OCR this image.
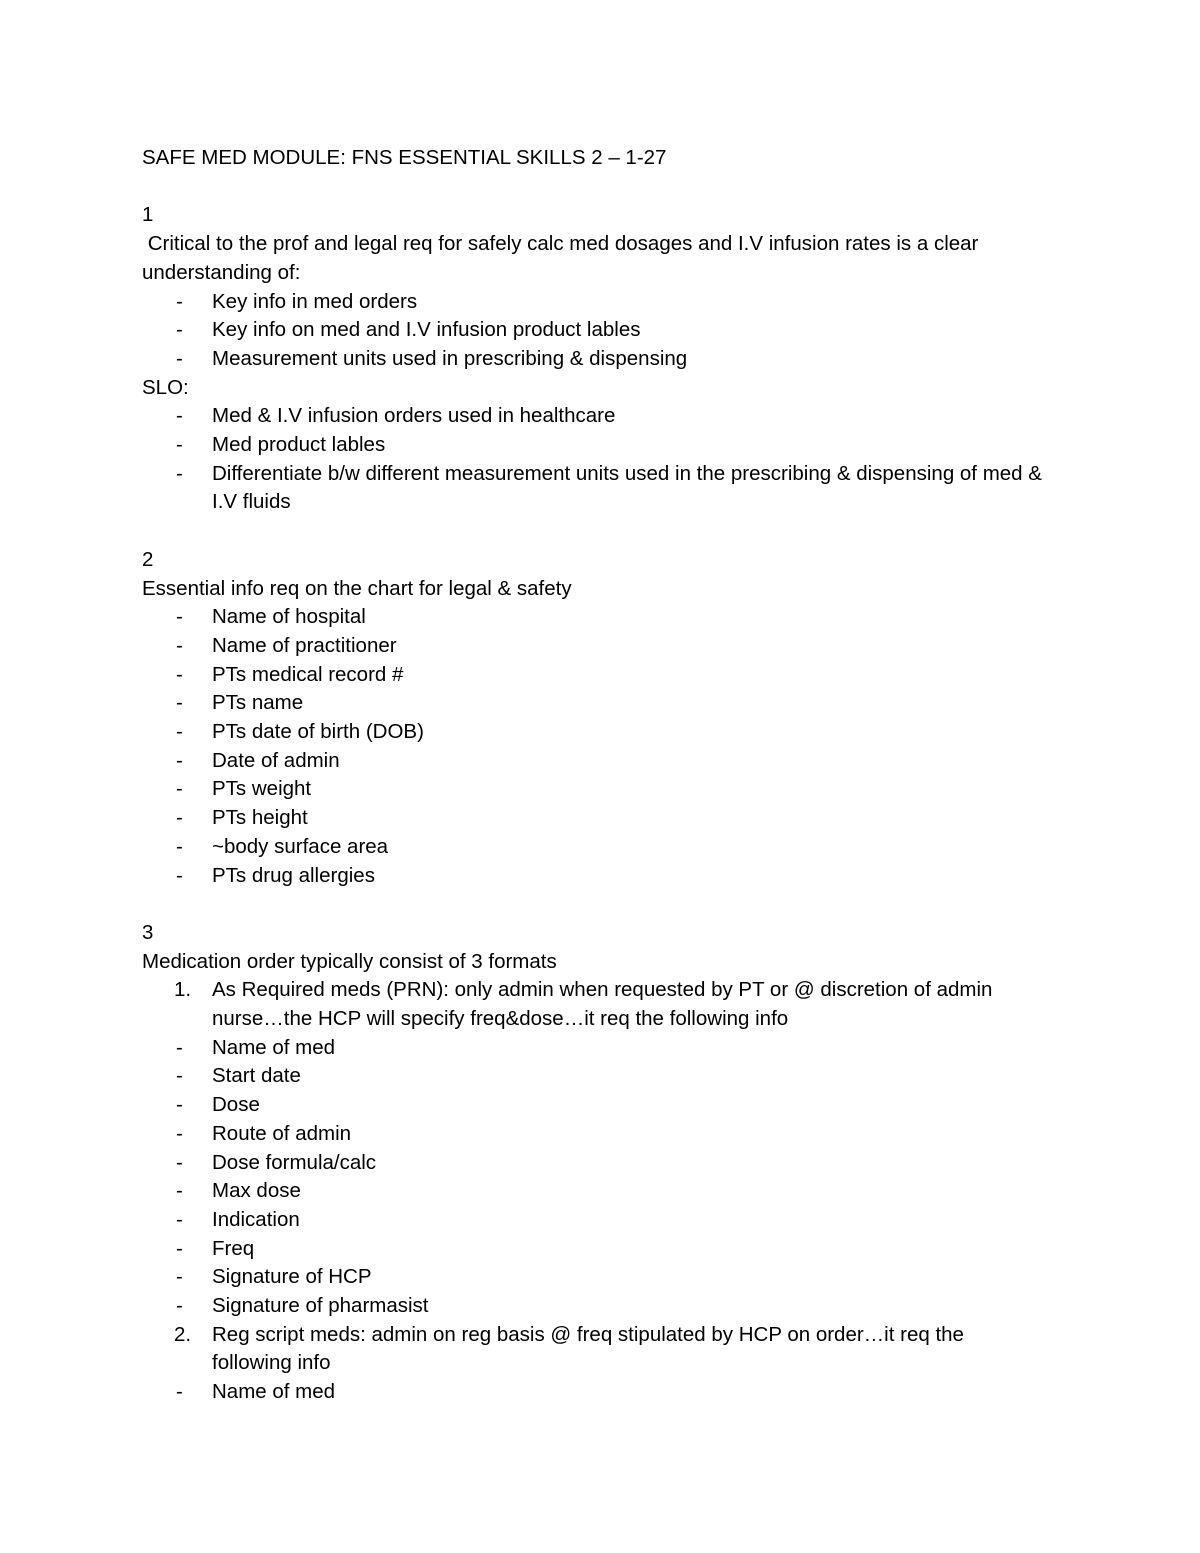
SAFE MED MODULE: FNS ESSENTIAL SKILLS 2 – 1-27

1

Critical to the prof and legal req for safely calc med dosages and I.V infusion rates is a clear understanding of:

- Key info in med orders
- Key info on med and I.V infusion product lables
- Measurement units used in prescribing & dispensing

SLO:

- Med & I.V infusion orders used in healthcare
- Med product lables
- Differentiate b/w different measurement units used in the prescribing & dispensing of med & I.V fluids

2

Essential info req on the chart for legal & safety

- Name of hospital
- Name of practitioner
- PTs medical record #
- PTs name
- PTs date of birth (DOB)
- Date of admin
- PTs weight
- PTs height
- ~body surface area
- PTs drug allergies

3

Medication order typically consist of 3 formats

1. As Required meds (PRN): only admin when requested by PT or @ discretion of admin nurse…the HCP will specify freq&dose…it req the following info
- Name of med
- Start date
- Dose
- Route of admin
- Dose formula/calc
- Max dose
- Indication
- Freq
- Signature of HCP
- Signature of pharmasist
2. Reg script meds: admin on reg basis @ freq stipulated by HCP on order…it req the following info
- Name of med
